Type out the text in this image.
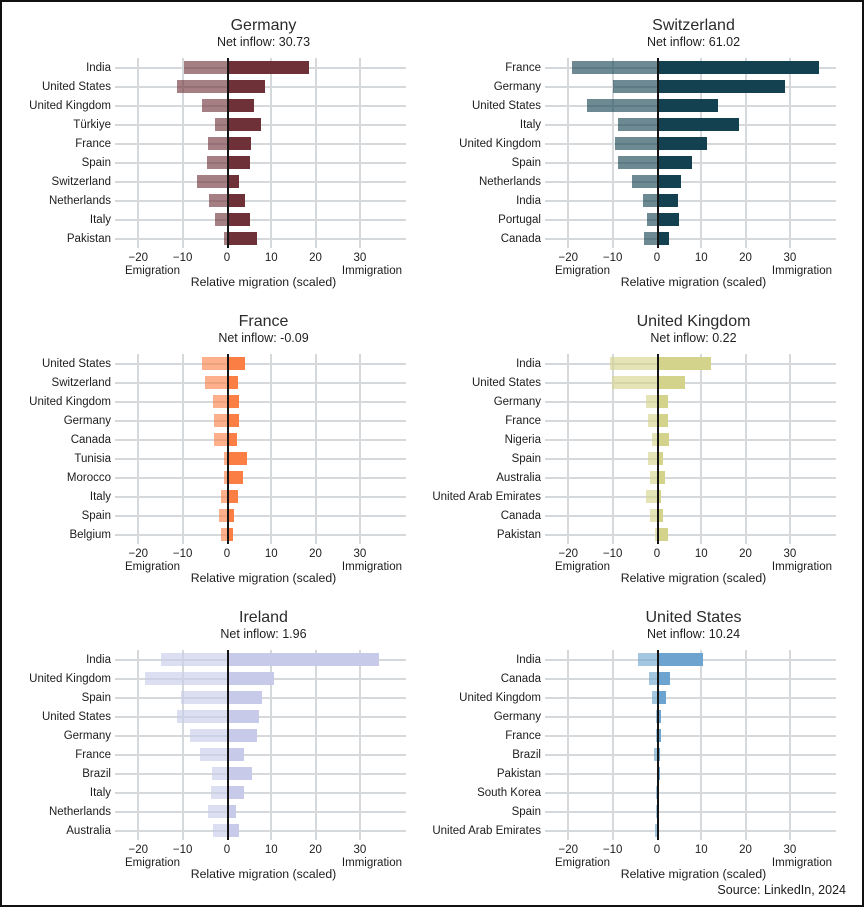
Germany
Net inflow: 30.73
India
United States
United Kingdom
Türkiye
France
Spain
Switzerland
Netherlands
Italy
Pakistan
−20 −10	0	10	20	30
Emigration	Immigration
Relative migration (scaled)
Switzerland
Net inflow: 61.02
France
Germany
United States
Italy
United Kingdom
Spain
Netherlands
India
Portugal
Canada
−20 −10	0	10	20	30
Emigration	Immigration
Relative migration (scaled)
France
Net inflow: -0.09
United States
Switzerland
United Kingdom
Germany
Canada
Tunisia
Morocco
Italy
Spain
Belgium
−20 −10	0	10	20	30
Emigration	Immigration
Relative migration (scaled)
United Kingdom
Net inflow: 0.22
India
United States
Germany
France
Nigeria
Spain
Australia
United Arab Emirates
Canada
Pakistan
−20 −10	0	10	20	30
Emigration	Immigration
Relative migration (scaled)
Ireland
Net inflow: 1.96
India
United Kingdom
Spain
United States
Germany
France
Brazil
Italy
Netherlands
Australia
−20 −10	0	10	20	30
Emigration	Immigration
Relative migration (scaled)
United States
Net inflow: 10.24
India
Canada
United Kingdom
Germany
France
Brazil
Pakistan
South Korea
Spain
United Arab Emirates
−20 −10	0	10	20	30
Emigration	Immigration
Relative migration (scaled)
Source: LinkedIn, 2024
